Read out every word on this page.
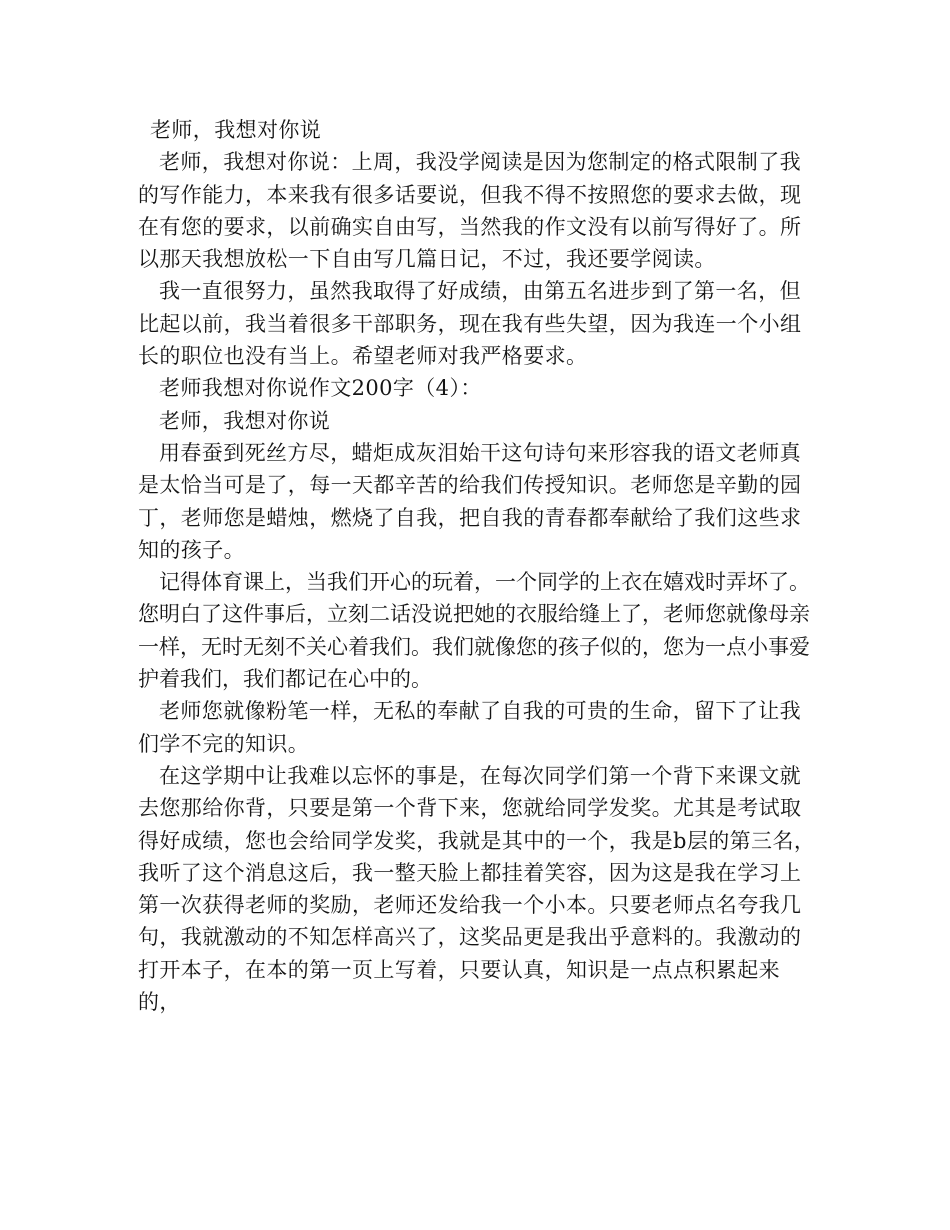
老师，我想对你说

老师，我想对你说：上周，我没学阅读是因为您制定的格式限制了我的写作能力，本来我有很多话要说，但我不得不按照您的要求去做，现在有您的要求，以前确实自由写，当然我的作文没有以前写得好了。所以那天我想放松一下自由写几篇日记，不过，我还要学阅读。

我一直很努力，虽然我取得了好成绩，由第五名进步到了第一名，但比起以前，我当着很多干部职务，现在我有些失望，因为我连一个小组长的职位也没有当上。希望老师对我严格要求。

老师我想对你说作文200字（4）：

老师，我想对你说

用春蚕到死丝方尽，蜡炬成灰泪始干这句诗句来形容我的语文老师真是太恰当可是了，每一天都辛苦的给我们传授知识。老师您是辛勤的园丁，老师您是蜡烛，燃烧了自我，把自我的青春都奉献给了我们这些求知的孩子。

记得体育课上，当我们开心的玩着，一个同学的上衣在嬉戏时弄坏了。您明白了这件事后，立刻二话没说把她的衣服给缝上了，老师您就像母亲一样，无时无刻不关心着我们。我们就像您的孩子似的，您为一点小事爱护着我们，我们都记在心中的。

老师您就像粉笔一样，无私的奉献了自我的可贵的生命，留下了让我们学不完的知识。

在这学期中让我难以忘怀的事是，在每次同学们第一个背下来课文就去您那给你背，只要是第一个背下来，您就给同学发奖。尤其是考试取得好成绩，您也会给同学发奖，我就是其中的一个，我是b层的第三名，我听了这个消息这后，我一整天脸上都挂着笑容，因为这是我在学习上第一次获得老师的奖励，老师还发给我一个小本。只要老师点名夸我几句，我就激动的不知怎样高兴了，这奖品更是我出乎意料的。我激动的打开本子，在本的第一页上写着，只要认真，知识是一点点积累起来的，
